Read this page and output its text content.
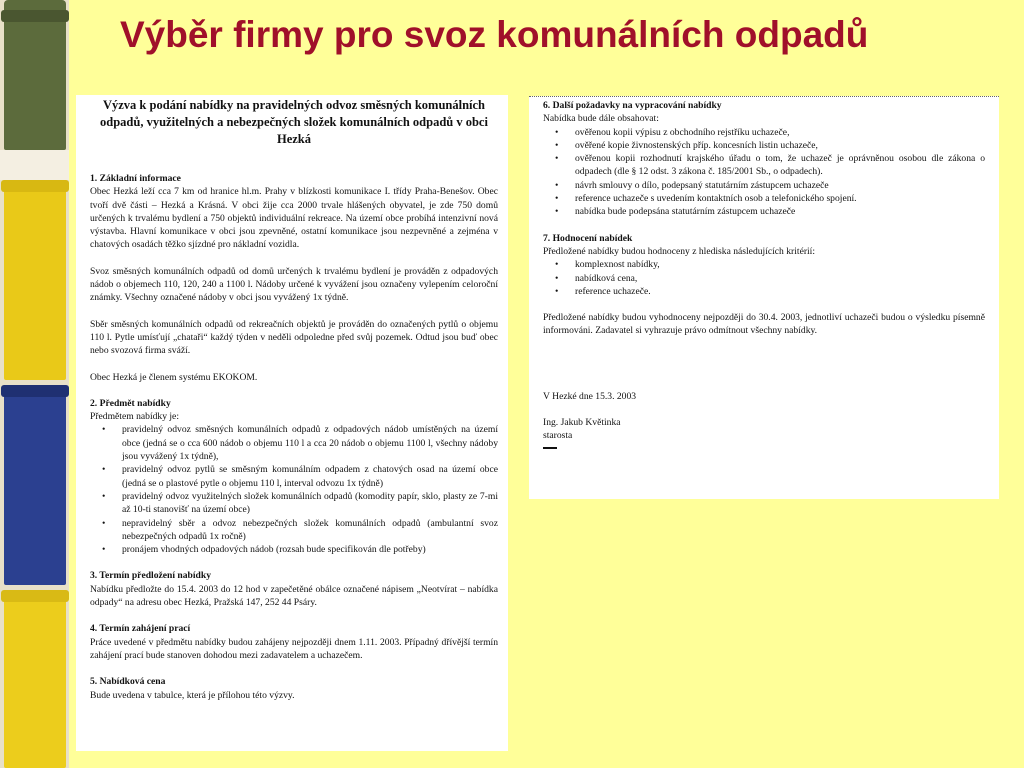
Výběr firmy pro svoz komunálních odpadů

Výzva k podání nabídky na pravidelných odvoz směsných komunálních odpadů, využitelných a nebezpečných složek komunálních odpadů v obci Hezká

1. Základní informace

Obec Hezká leží cca 7 km od hranice hl.m. Prahy v blízkosti komunikace I. třídy Praha-Benešov. Obec tvoří dvě části – Hezká a Krásná. V obci žije cca 2000 trvale hlášených obyvatel, je zde 750 domů určených k trvalému bydlení a 750 objektů individuální rekreace. Na území obce probíhá intenzivní nová výstavba. Hlavní komunikace v obci jsou zpevněné, ostatní komunikace jsou nezpevněné a zejména v chatových osadách těžko sjízdné pro nákladní vozidla.

Svoz směsných komunálních odpadů od domů určených k trvalému bydlení je prováděn z odpadových nádob o objemech 110, 120, 240 a 1100 l. Nádoby určené k vyvážení jsou označeny vylepením celoroční známky. Všechny označené nádoby v obci jsou vyvážený 1x týdně.

Sběr směsných komunálních odpadů od rekreačních objektů je prováděn do označených pytlů o objemu 110 l. Pytle umísťují „chataři“ každý týden v neděli odpoledne před svůj pozemek. Odtud jsou buď obec nebo svozová firma sváží.

Obec Hezká je členem systému EKOKOM.

2. Předmět nabídky

Předmětem nabídky je:

• pravidelný odvoz směsných komunálních odpadů z odpadových nádob umístěných na území obce (jedná se o cca 600 nádob o objemu 110 l a cca 20 nádob o objemu 1100 l, všechny nádoby jsou vyvážený 1x týdně),
• pravidelný odvoz pytlů se směsným komunálním odpadem z chatových osad na území obce (jedná se o plastové pytle o objemu 110 l, interval odvozu 1x týdně)
• pravidelný odvoz využitelných složek komunálních odpadů (komodity papír, sklo, plasty ze 7-mi až 10-ti stanovišť na území obce)
• nepravidelný sběr a odvoz nebezpečných složek komunálních odpadů (ambulantní svoz nebezpečných odpadů 1x ročně)
• pronájem vhodných odpadových nádob (rozsah bude specifikován dle potřeby)

3. Termín předložení nabídky

Nabídku předložte do 15.4. 2003 do 12 hod v zapečetěné obálce označené nápisem „Neotvírat – nabídka odpady“ na adresu obec Hezká, Pražská 147, 252 44 Psáry.

4. Termín zahájení prací

Práce uvedené v předmětu nabídky budou zahájeny nejpozději dnem 1.11. 2003. Případný dřívější termín zahájení prací bude stanoven dohodou mezi zadavatelem a uchazečem.

5. Nabídková cena

Bude uvedena v tabulce, která je přílohou této výzvy.

6. Další požadavky na vypracování nabídky

Nabídka bude dále obsahovat:

• ověřenou kopii výpisu z obchodního rejstříku uchazeče,
• ověřené kopie živnostenských příp. koncesních listin uchazeče,
• ověřenou kopii rozhodnutí krajského úřadu o tom, že uchazeč je oprávněnou osobou dle zákona o odpadech (dle § 12 odst. 3 zákona č. 185/2001 Sb., o odpadech).
• návrh smlouvy o dílo, podepsaný statutárním zástupcem uchazeče
• reference uchazeče s uvedením kontaktních osob a telefonického spojení.
• nabídka bude podepsána statutárním zástupcem uchazeče

7. Hodnocení nabídek

Předložené nabídky budou hodnoceny z hlediska následujících kritérií:

• komplexnost nabídky,
• nabídková cena,
• reference uchazeče.

Předložené nabídky budou vyhodnoceny nejpozději do 30.4. 2003, jednotliví uchazeči budou o výsledku písemně informováni. Zadavatel si vyhrazuje právo odmítnout všechny nabídky.

V Hezké dne 15.3. 2003

Ing. Jakub Květinka

starosta
